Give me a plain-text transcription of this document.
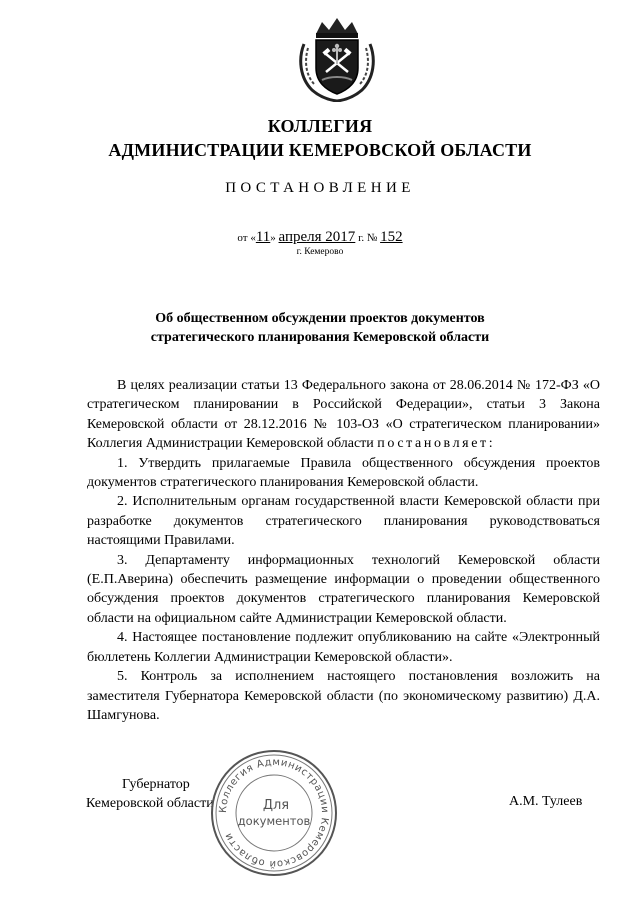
КОЛЛЕГИЯ
АДМИНИСТРАЦИИ КЕМЕРОВСКОЙ ОБЛАСТИ
ПОСТАНОВЛЕНИЕ
от «11» апреля 2017 г. № 152
г. Кемерово
Об общественном обсуждении проектов документов
стратегического планирования Кемеровской области

В целях реализации статьи 13 Федерального закона от 28.06.2014 № 172-ФЗ «О стратегическом планировании в Российской Федерации», статьи 3 Закона Кемеровской области от 28.12.2016 № 103-ОЗ «О стратегическом планировании» Коллегия Администрации Кемеровской области постановляет:

1. Утвердить прилагаемые Правила общественного обсуждения проектов документов стратегического планирования Кемеровской области.

2. Исполнительным органам государственной власти Кемеровской области при разработке документов стратегического планирования руководствоваться настоящими Правилами.

3. Департаменту информационных технологий Кемеровской области (Е.П.Аверина) обеспечить размещение информации о проведении общественного обсуждения проектов документов стратегического планирования Кемеровской области на официальном сайте Администрации Кемеровской области.

4. Настоящее постановление подлежит опубликованию на сайте «Электронный бюллетень Коллегии Администрации Кемеровской области».

5. Контроль за исполнением настоящего постановления возложить на заместителя Губернатора Кемеровской области (по экономическому развитию) Д.А. Шамгунова.

Губернатор
Кемеровской области	А.М. Тулеев
Коллегия Администрации Кемеровской области
Для
документов
